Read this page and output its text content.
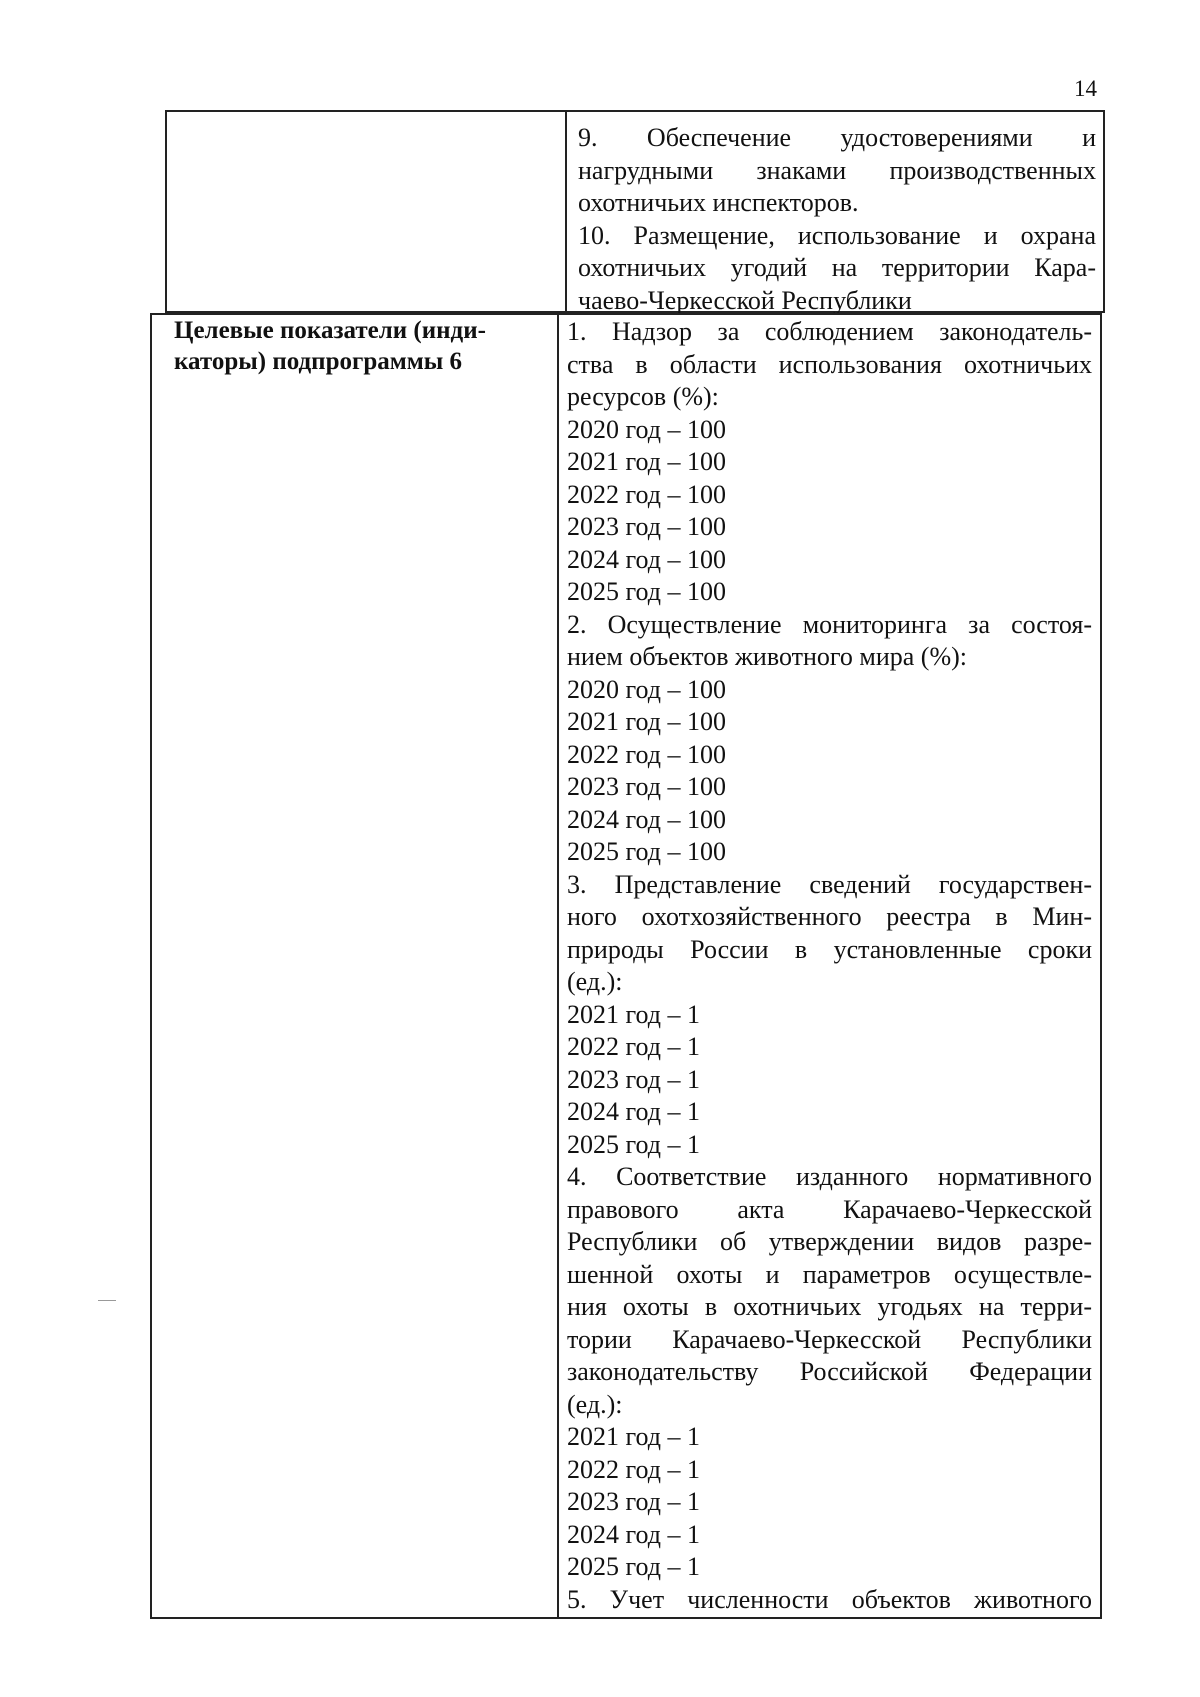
14
9. Обеспечение удостоверениями и
нагрудными знаками производственных
охотничьих инспекторов.
10. Размещение, использование и охрана
охотничьих угодий на территории Кара-
чаево-Черкесской Республики
Целевые показатели (инди-
каторы) подпрограммы 6
1. Надзор за соблюдением законодатель-
ства в области использования охотничьих
ресурсов (%):
2020 год – 100
2021 год – 100
2022 год – 100
2023 год – 100
2024 год – 100
2025 год – 100
2. Осуществление мониторинга за состоя-
нием объектов животного мира (%):
2020 год – 100
2021 год – 100
2022 год – 100
2023 год – 100
2024 год – 100
2025 год – 100
3. Представление сведений государствен-
ного охотхозяйственного реестра в Мин-
природы России в установленные сроки
(ед.):
2021 год – 1
2022 год – 1
2023 год – 1
2024 год – 1
2025 год – 1
4. Соответствие изданного нормативного
правового акта Карачаево-Черкесской
Республики об утверждении видов разре-
шенной охоты и параметров осуществле-
ния охоты в охотничьих угодьях на терри-
тории Карачаево-Черкесской Республики
законодательству Российской Федерации
(ед.):
2021 год – 1
2022 год – 1
2023 год – 1
2024 год – 1
2025 год – 1
5. Учет численности объектов животного
